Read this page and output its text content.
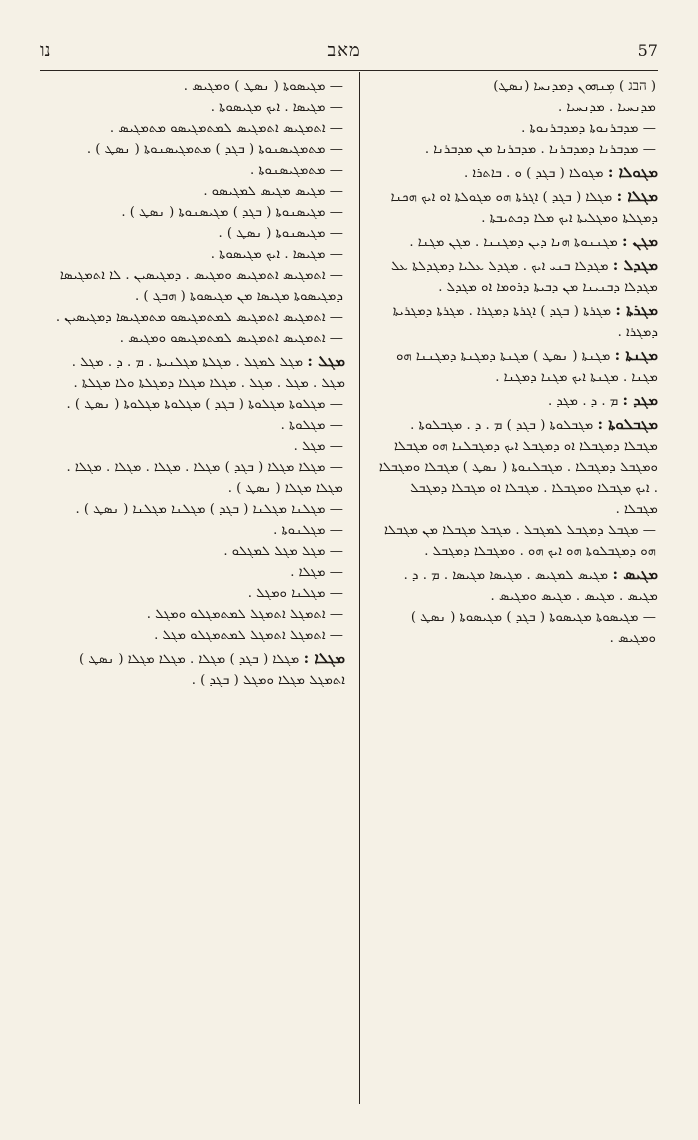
נו	מאב	57

( הבג ) ܡܼܢܗܘܢ ܕܡܕܢܚܐ (ܢܣܛ)

ܡܕܢܚܝܐ . ܡܕܢܚܝܐ .

— ܡܕܒܪܢܘܬܐ ܕܡܕܒܪܢܘܬܐ .

— ܡܕܒܪܢܐ ܕܡܕܒܪܢܐ . ܡܕܒܪܢܐ ܡܢ ܡܕܒܪܢܐ .

ܡܓܘܠܐ : ܡܓܘܠܐ ( ܒܓܕ ) ܘ . ܒܐܬܪܐ .

ܡܓܠܐ : ܡܓܠܐ ( ܒܓܕ ) ܐܓܪܬܐ ܗܘ ܡܓܘܠܬܐ ܐܘ ܐܝܟ ܗܟܢܐ ܕܡܓܠܬܐ ܘܡܓܠܝܬܐ ܐܝܟ ܡܠܐ ܕܟܬܝܒܬܐ .

ܡܓܢ : ܡܓܢܢܘܬܐ ܗܢܐ ܕܝܢ ܕܡܓܢܢܐ . ܡܓܢ ܡܓܢܐ .

ܡܓܕܠ : ܡܓܕܠܐ ܒܢܝ ܐܝܟ . ܡܓܕܠ ܥܠܝܐ ܕܡܓܕܠܬܐ ܥܠ ܡܓܕܠܐ ܕܒܢܝܢܐ ܡܢ ܕܒܝܬܐ ܕܪܘܡܐ ܐܘ ܡܓܕܠ .

ܡܓܪܬܐ : ܡܓܪܬܐ ( ܒܓܕ ) ܐܓܪܬܐ ܕܡܓܪܐ . ܡܓܪܬܐ ܕܡܓܪܝܬܐ ܕܡܓܪܐ .

ܡܓܢܬܐ : ܡܓܢܬܐ ( ܢܣܛ ) ܡܓܢܬܐ ܕܡܓܢܬܐ ܕܡܓܢܢܐ ܗܘ ܡܓܢܐ . ܡܓܢܬܐ ܐܝܟ ܡܓܢܐ ܕܡܓܢܐ .

ܡܓܕ : ܡ . ܕ . ܡܓܕ .

ܡܓܒܠܘܬܐ : ܡܓܒܠܘܬܐ ( ܒܓܕ ) ܡ . ܕ . ܡܓܒܠܘܬܐ . ܡܓܒܠܐ ܕܡܓܒܠܐ ܐܘ ܕܡܓܒܠ ܐܝܟ ܕܡܓܒܠܢܐ ܗܘ ܡܓܒܠܐ ܘܡܓܒܠ ܕܡܓܒܠܐ . ܡܓܒܠܢܘܬܐ ( ܢܣܛ ) ܡܓܒܠܐ ܘܡܓܒܠܐ . ܐܝܟ ܡܓܒܠܐ ܘܡܓܒܠܐ . ܡܓܒܠܐ ܐܘ ܡܓܒܠܐ ܕܡܓܒܠ ܡܓܒܠܐ .

— ܡܓܒܠ ܕܡܓܒܠ ܠܡܓܒܠ . ܡܓܒܠ ܡܓܒܠܐ ܡܢ ܡܓܒܠܐ ܗܘ ܕܡܓܒܠܘܬܐ ܗܘ ܐܝܟ ܗܘ . ܘܡܓܒܠܐ ܕܡܓܒܠ .

ܡܓܝܣ : ܡܓܝܣ ܠܡܓܝܣ . ܡܓܝܣܐ ܡܓܝܣܐ . ܡ . ܕ . ܡܓܝܣ . ܡܓܝܣ . ܡܓܝܣ ܘܡܓܝܣ .

— ܡܓܝܣܘܬܐ ܡܓܝܣܘܬܐ ( ܒܓܕ ) ܡܓܝܣܘܬܐ ( ܢܣܛ ) ܘܡܓܝܣ .

— ܡܓܝܣܘܬܐ ( ܢܣܛ ) ܘܡܓܝܣ .

— ܡܓܝܣܐ . ܐܝܟ ܡܓܝܣܘܬܐ .

— ܐܬܡܓܝܣ ܐܬܡܓܝܣ ܠܡܬܡܓܝܣܘ ܡܬܡܓܝܣ .

— ܡܬܡܓܝܣܢܘܬܐ ( ܒܓܕ ) ܡܬܡܓܝܣܢܘܬܐ ( ܢܣܛ ) .

— ܡܬܡܓܝܣܢܘܬܐ .

— ܡܓܝܣ ܡܓܝܣ ܠܡܓܝܣܘ .

— ܡܓܝܣܢܘܬܐ ( ܒܓܕ ) ܡܓܝܣܢܘܬܐ ( ܢܣܛ ) .

— ܡܓܝܣܢܘܬܐ ( ܢܣܛ ) .

— ܡܓܝܣܐ . ܐܝܟ ܡܓܝܣܘܬܐ .

— ܐܬܡܓܝܣ ܐܬܡܓܝܣ ܘܡܓܝܣ . ܕܡܓܝܣܝܢ . ܠܐ ܐܬܡܓܝܣܐ ܕܡܓܝܣܘܬܐ ܡܓܝܣܐ ܡܢ ܡܓܝܣܘܬܐ ( ܗܒܓ ) .

— ܐܬܡܓܝܣ ܐܬܡܓܝܣ ܠܡܬܡܓܝܣܘ ܡܬܡܓܝܣܐ ܕܡܓܝܣܝܢ .

— ܐܬܡܓܝܣ ܐܬܡܓܝܣ ܠܡܬܡܓܝܣܘ ܘܡܓܝܣ .

ܡܓܠ : ܡܓܠ ܠܡܓܠ . ܡܓܠܬܐ ܡܓܠܢܝܬܐ . ܡ . ܕ . ܡܓܠ . ܡܓܠ . ܡܓܠ . ܡܓܠ . ܡܓܠܐ ܡܓܠܐ ܕܡܓܠܬܐ ܘܠܐ ܡܓܠܬܐ .

— ܡܓܠܘܬܐ ܡܓܠܘܬܐ ( ܒܓܕ ) ܡܓܠܘܬܐ ܡܓܠܘܬܐ ( ܢܣܛ ) .

— ܡܓܠܘܬܐ .

— ܡܓܠ .

— ܡܓܠܐ ܡܓܠܐ ( ܒܓܕ ) ܡܓܠܐ . ܡܓܠܐ . ܡܓܠܐ . ܡܓܠܐ . ܡܓܠܐ ܡܓܠܐ ( ܢܣܛ ) .

— ܡܓܠܢܐ ܡܓܠܢܐ ( ܒܓܕ ) ܡܓܠܢܐ ܡܓܠܢܐ ( ܢܣܛ ) .

— ܡܓܠܢܘܬܐ .

— ܡܓܠ ܡܓܠ ܠܡܓܠܘ .

— ܡܓܠܐ .

— ܡܓܠܢܐ ܘܡܓܠ .

— ܐܬܡܓܠ ܐܬܡܓܠ ܠܡܬܡܓܠܘ ܘܡܓܠ .

— ܐܬܡܓܠ ܐܬܡܓܠ ܠܡܬܡܓܠܘ ܡܓܠ .

ܡܓܠܐ : ܡܓܠܐ ( ܒܓܕ ) ܡܓܠܐ . ܡܓܠܐ ܡܓܠܐ ( ܢܣܛ ) ܐܬܡܓܠ ܡܓܠܐ ܘܡܓܠ ( ܒܓܕ ) .
